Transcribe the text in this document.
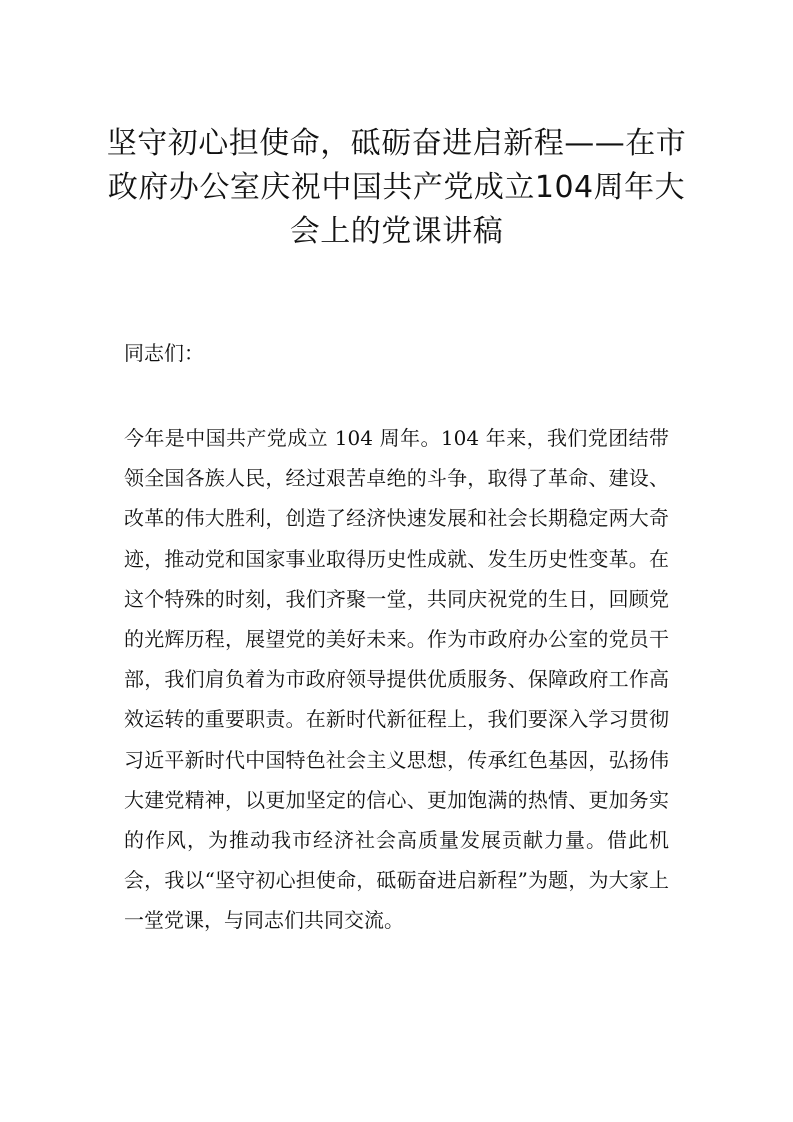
坚守初心担使命，砥砺奋进启新程——在市政府办公室庆祝中国共产党成立104周年大会上的党课讲稿

同志们：

今年是中国共产党成立 104 周年。104 年来，我们党团结带领全国各族人民，经过艰苦卓绝的斗争，取得了革命、建设、改革的伟大胜利，创造了经济快速发展和社会长期稳定两大奇迹，推动党和国家事业取得历史性成就、发生历史性变革。在这个特殊的时刻，我们齐聚一堂，共同庆祝党的生日，回顾党的光辉历程，展望党的美好未来。作为市政府办公室的党员干部，我们肩负着为市政府领导提供优质服务、保障政府工作高效运转的重要职责。在新时代新征程上，我们要深入学习贯彻习近平新时代中国特色社会主义思想，传承红色基因，弘扬伟大建党精神，以更加坚定的信心、更加饱满的热情、更加务实的作风，为推动我市经济社会高质量发展贡献力量。借此机会，我以“坚守初心担使命，砥砺奋进启新程”为题，为大家上一堂党课，与同志们共同交流。
